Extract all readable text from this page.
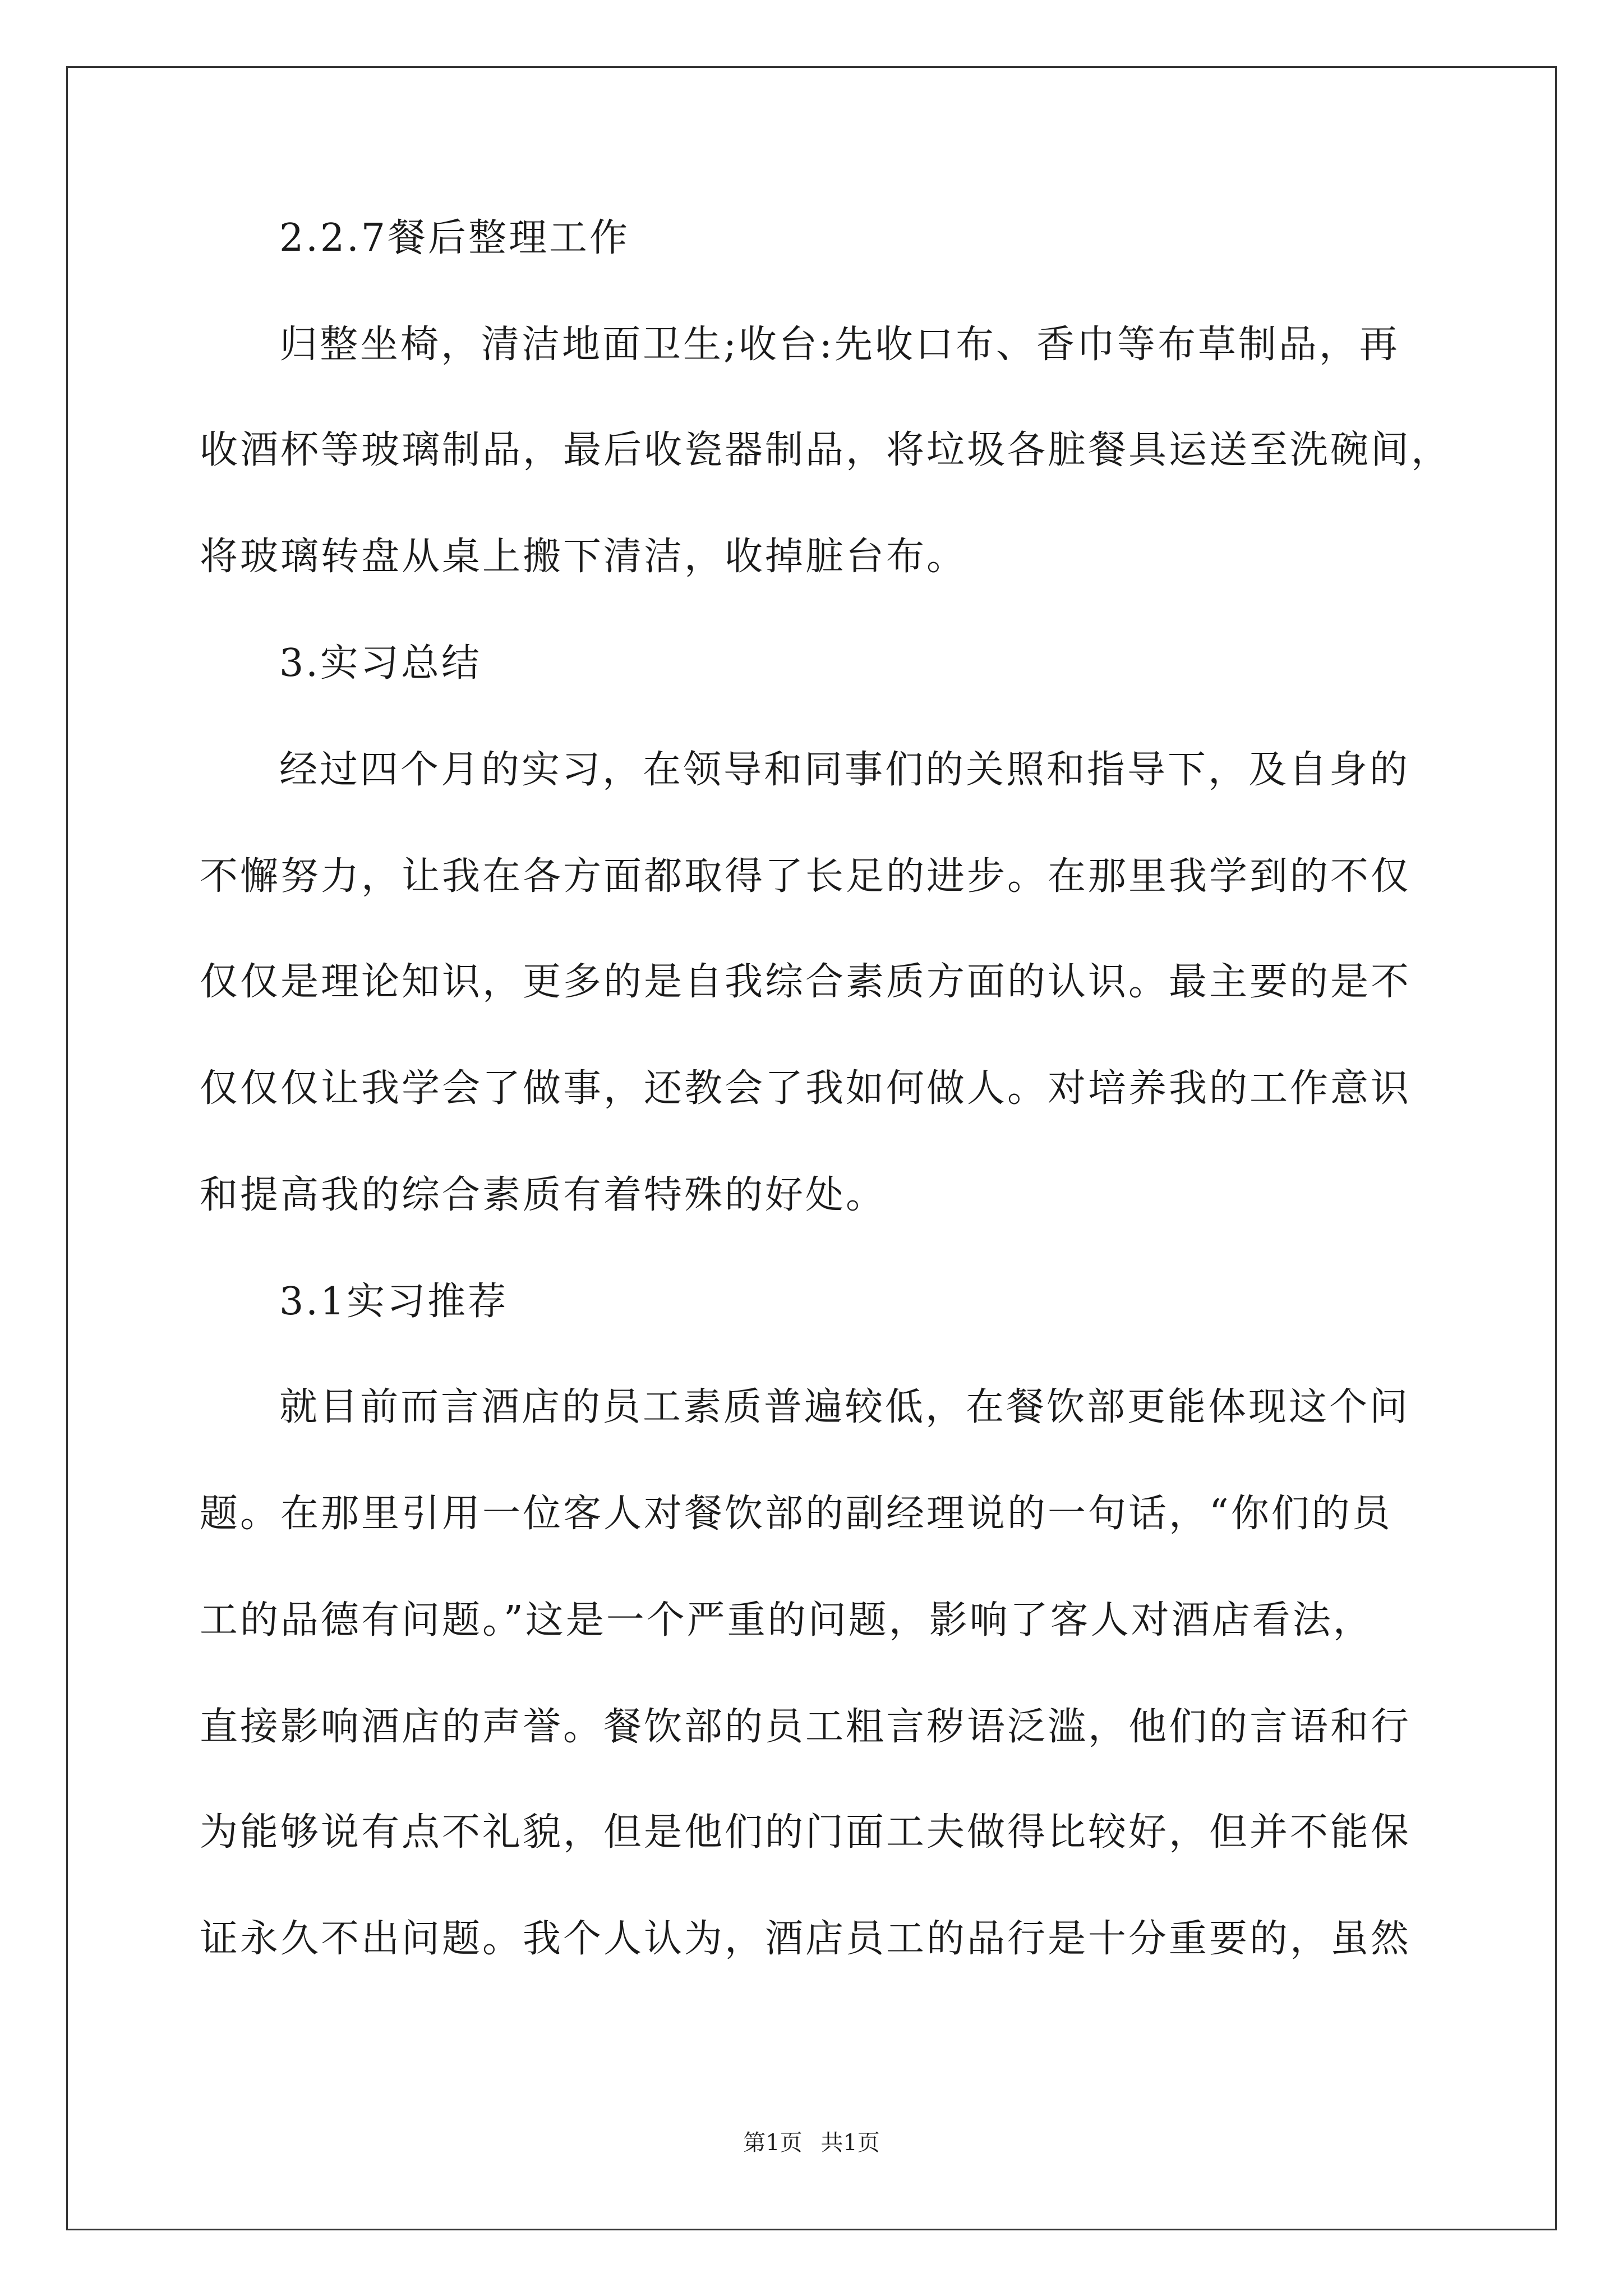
2.2.7餐后整理工作
归整坐椅，清洁地面卫生;收台:先收口布、香巾等布草制品，再
收酒杯等玻璃制品，最后收瓷器制品，将垃圾各脏餐具运送至洗碗间，
将玻璃转盘从桌上搬下清洁，收掉脏台布。
3.实习总结
经过四个月的实习，在领导和同事们的关照和指导下，及自身的
不懈努力，让我在各方面都取得了长足的进步。在那里我学到的不仅
仅仅是理论知识，更多的是自我综合素质方面的认识。最主要的是不
仅仅仅让我学会了做事，还教会了我如何做人。对培养我的工作意识
和提高我的综合素质有着特殊的好处。
3.1实习推荐
就目前而言酒店的员工素质普遍较低，在餐饮部更能体现这个问
题。在那里引用一位客人对餐饮部的副经理说的一句话，“你们的员
工的品德有问题。”这是一个严重的问题，影响了客人对酒店看法，
直接影响酒店的声誉。餐饮部的员工粗言秽语泛滥，他们的言语和行
为能够说有点不礼貌，但是他们的门面工夫做得比较好，但并不能保
证永久不出问题。我个人认为，酒店员工的品行是十分重要的，虽然
第1页 共1页
